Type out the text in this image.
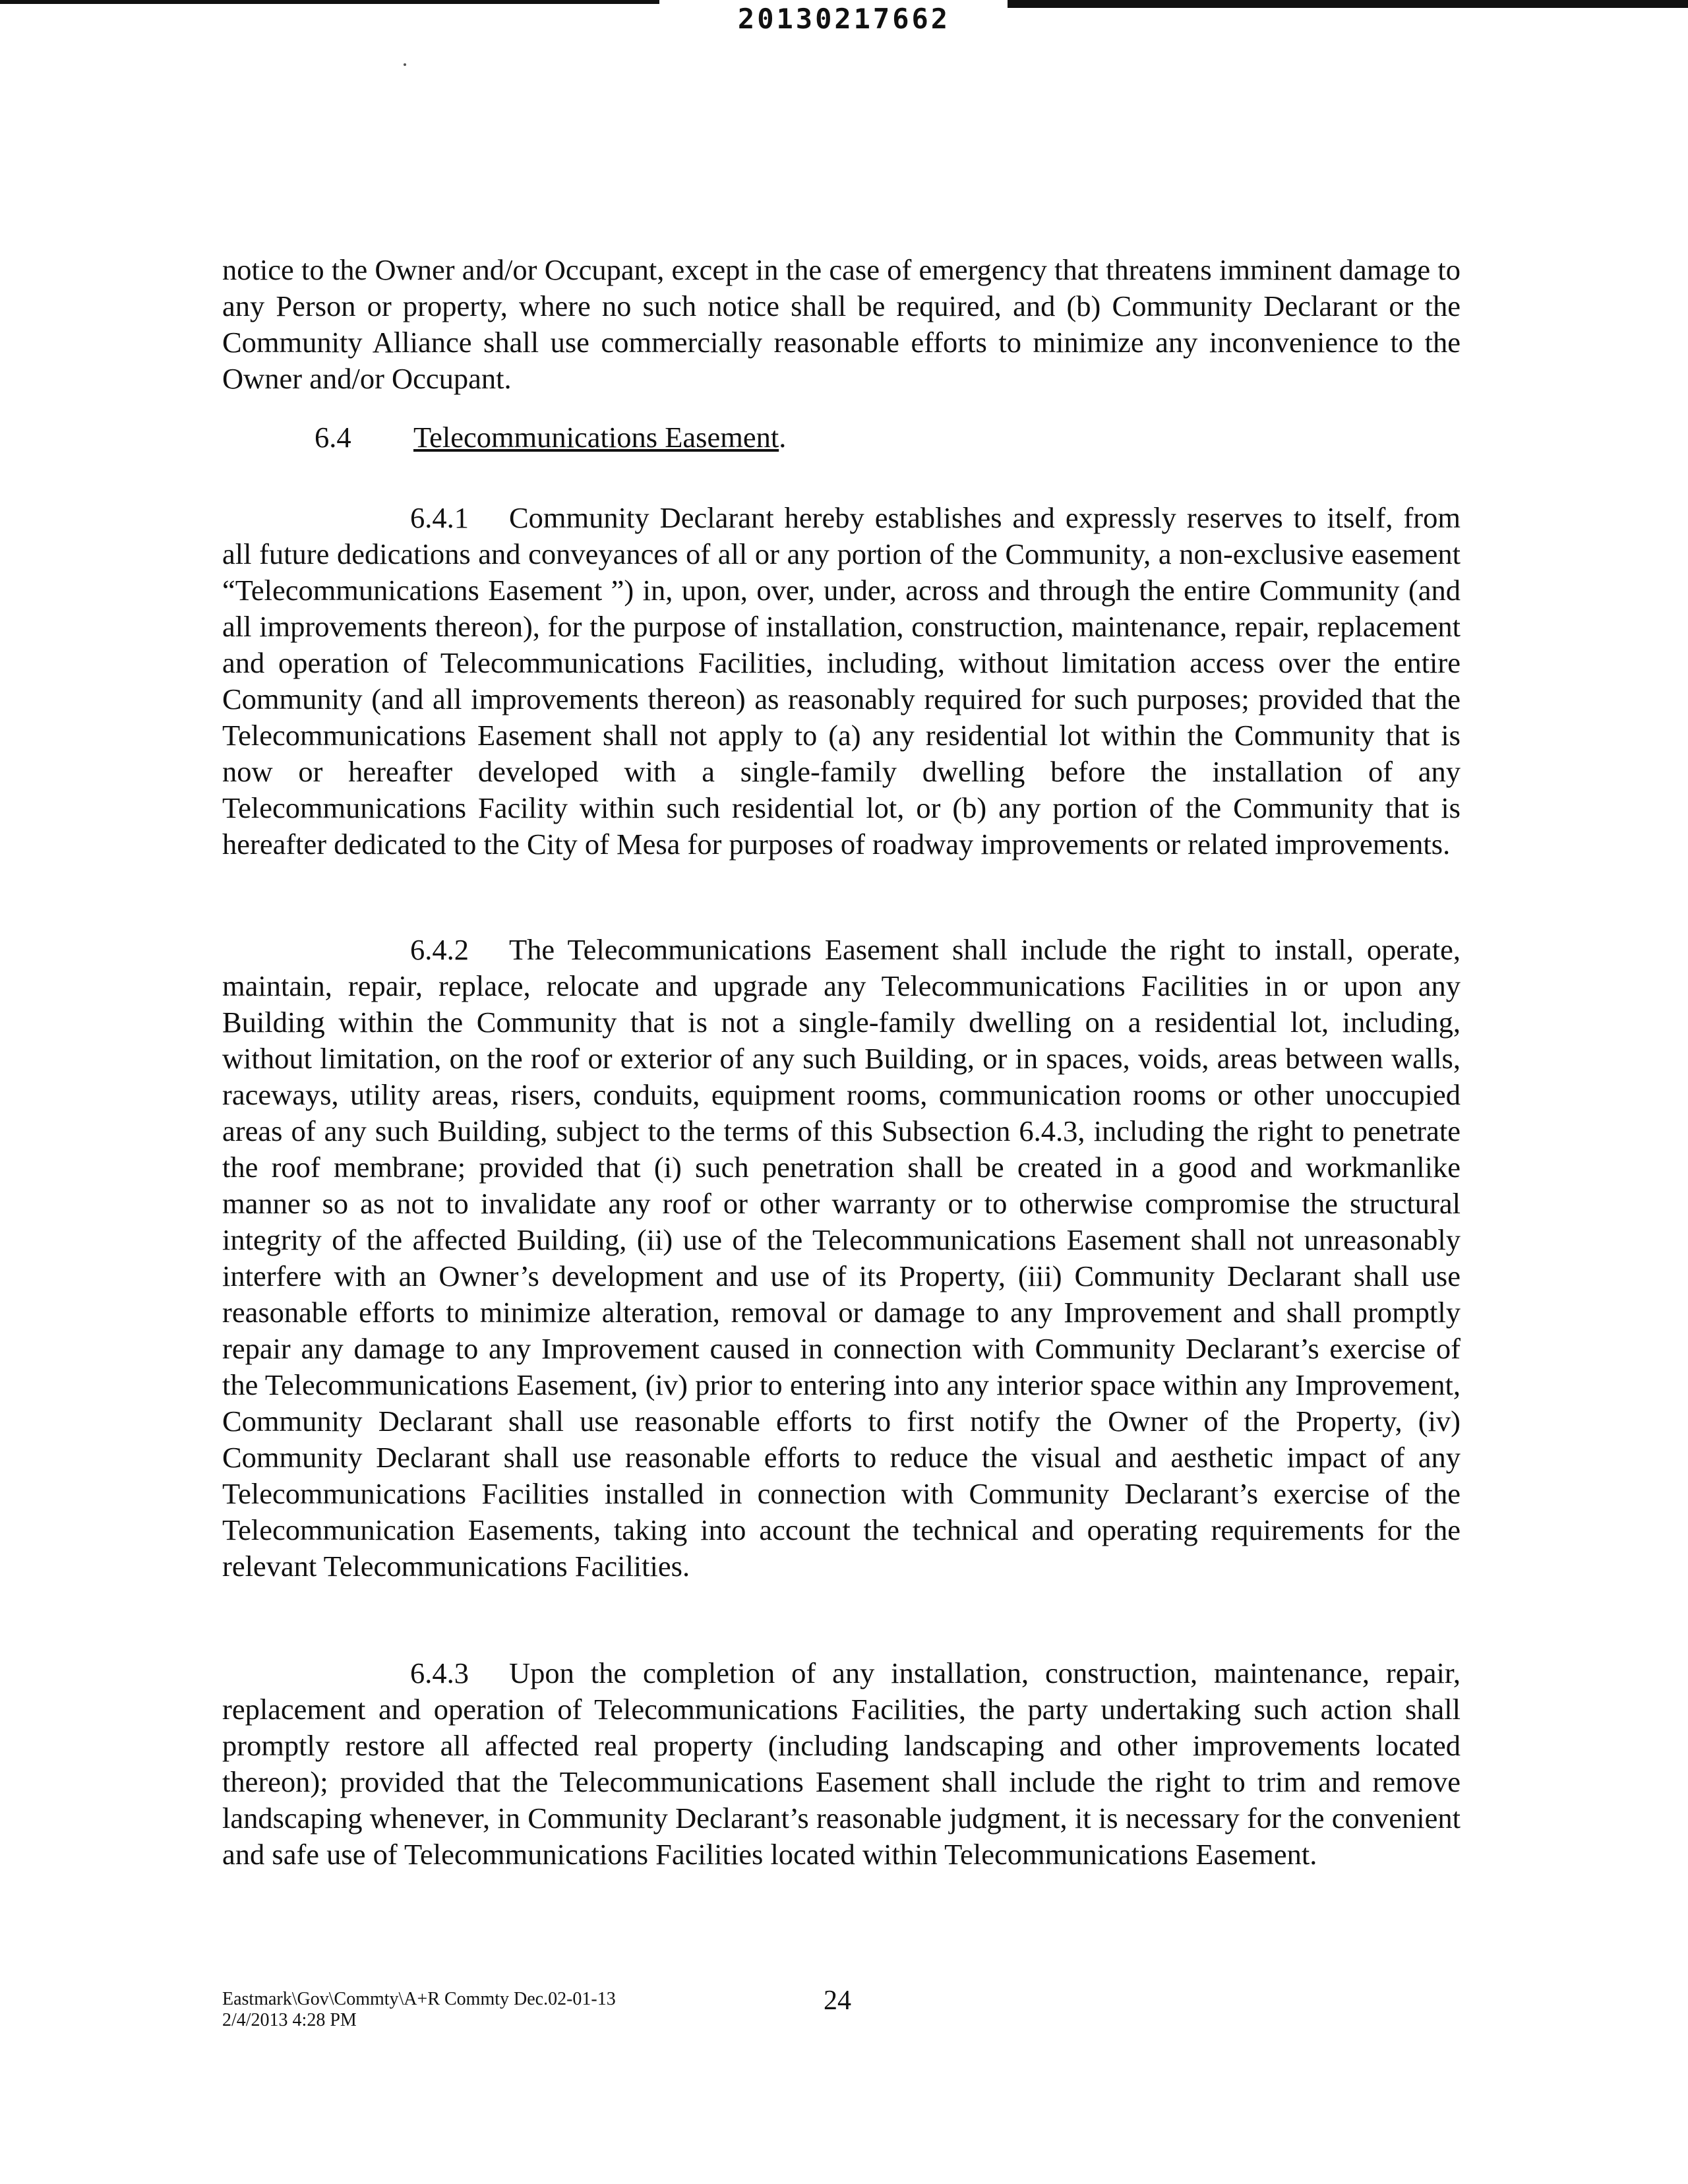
20130217662

notice to the Owner and/or Occupant, except in the case of emergency that threatens imminent damage to any Person or property, where no such notice shall be required, and (b) Community Declarant or the Community Alliance shall use commercially reasonable efforts to minimize any inconvenience to the Owner and/or Occupant.

6.4 Telecommunications Easement.

6.4.1 Community Declarant hereby establishes and expressly reserves to itself, from all future dedications and conveyances of all or any portion of the Community, a non-exclusive easement “Telecommunications Easement ”) in, upon, over, under, across and through the entire Community (and all improvements thereon), for the purpose of installation, construction, maintenance, repair, replacement and operation of Telecommunications Facilities, including, without limitation access over the entire Community (and all improvements thereon) as reasonably required for such purposes; provided that the Telecommunications Easement shall not apply to (a) any residential lot within the Community that is now or hereafter developed with a single-family dwelling before the installation of any Telecommunications Facility within such residential lot, or (b) any portion of the Community that is hereafter dedicated to the City of Mesa for purposes of roadway improvements or related improvements.

6.4.2 The Telecommunications Easement shall include the right to install, operate, maintain, repair, replace, relocate and upgrade any Telecommunications Facilities in or upon any Building within the Community that is not a single-family dwelling on a residential lot, including, without limitation, on the roof or exterior of any such Building, or in spaces, voids, areas between walls, raceways, utility areas, risers, conduits, equipment rooms, communication rooms or other unoccupied areas of any such Building, subject to the terms of this Subsection 6.4.3, including the right to penetrate the roof membrane; provided that (i) such penetration shall be created in a good and workmanlike manner so as not to invalidate any roof or other warranty or to otherwise compromise the structural integrity of the affected Building, (ii) use of the Telecommunications Easement shall not unreasonably interfere with an Owner’s development and use of its Property, (iii) Community Declarant shall use reasonable efforts to minimize alteration, removal or damage to any Improvement and shall promptly repair any damage to any Improvement caused in connection with Community Declarant’s exercise of the Telecommunications Easement, (iv) prior to entering into any interior space within any Improvement, Community Declarant shall use reasonable efforts to first notify the Owner of the Property, (iv) Community Declarant shall use reasonable efforts to reduce the visual and aesthetic impact of any Telecommunications Facilities installed in connection with Community Declarant’s exercise of the Telecommunication Easements, taking into account the technical and operating requirements for the relevant Telecommunications Facilities.

6.4.3 Upon the completion of any installation, construction, maintenance, repair, replacement and operation of Telecommunications Facilities, the party undertaking such action shall promptly restore all affected real property (including landscaping and other improvements located thereon); provided that the Telecommunications Easement shall include the right to trim and remove landscaping whenever, in Community Declarant’s reasonable judgment, it is necessary for the convenient and safe use of Telecommunications Facilities located within Telecommunications Easement.

Eastmark\Gov\Commty\A+R Commty Dec.02-01-13
2/4/2013 4:28 PM
24
